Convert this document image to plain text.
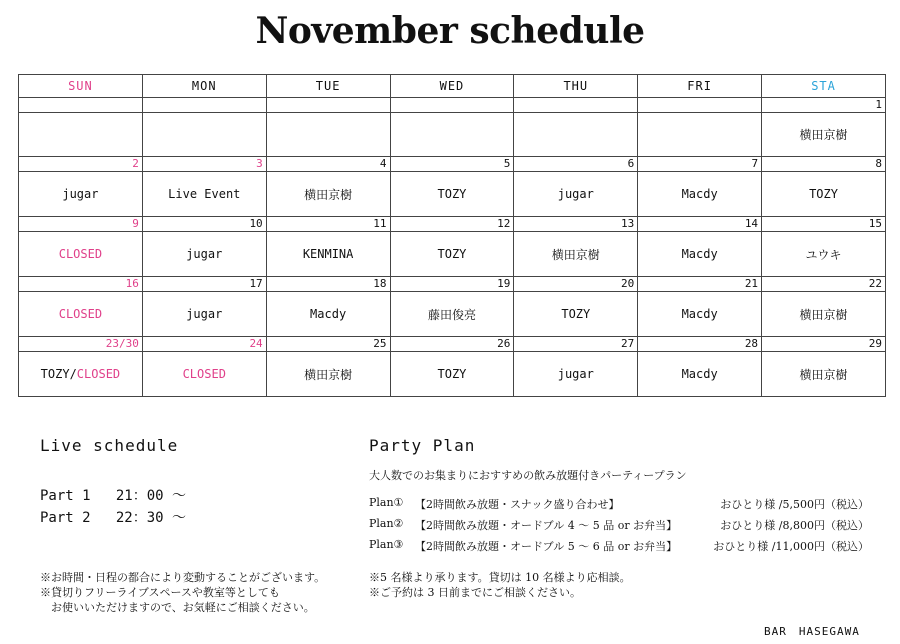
November schedule
SUN	MON	TUE	WED	THU	FRI	STA
						1
						横田京樹
2	3	4	5	6	7	8
jugar	Live Event	横田京樹	TOZY	jugar	Macdy	TOZY
9	10	11	12	13	14	15
CLOSED	jugar	KENMINA	TOZY	横田京樹	Macdy	ユウキ
16	17	18	19	20	21	22
CLOSED	jugar	Macdy	藤田俊亮	TOZY	Macdy	横田京樹
23/30	24	25	26	27	28	29
TOZY/CLOSED	CLOSED	横田京樹	TOZY	jugar	Macdy	横田京樹
Live schedule
Part 1 21：00 ～
Part 2 22：30 ～
※お時間・日程の都合により変動することがございます。
※貸切りフリーライブスペースや教室等としても
　お使いいただけますので、お気軽にご相談ください。
Party Plan
大人数でのお集まりにおすすめの飲み放題付きパーティープラン
Plan① 【2時間飲み放題・スナック盛り合わせ】	おひとり様 /5,500円（税込）
Plan② 【2時間飲み放題・オードブル 4 ～ 5 品 or お弁当】	おひとり様 /8,800円（税込）
Plan③ 【2時間飲み放題・オードブル 5 ～ 6 品 or お弁当】	おひとり様 /11,000円（税込）
※5 名様より承ります。貸切は 10 名様より応相談。
※ご予約は 3 日前までにご相談ください。
BAR　HASEGAWA
